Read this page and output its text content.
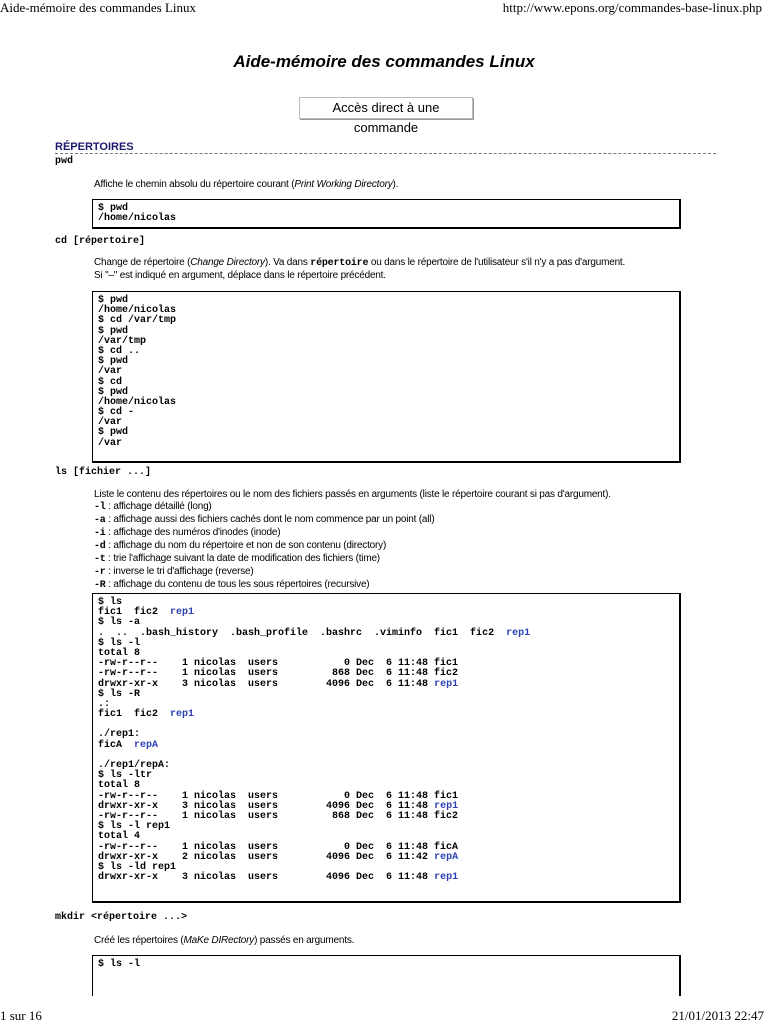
Aide-mémoire des commandes Linux	http://www.epons.org/commandes-base-linux.php
Aide-mémoire des commandes Linux
Accès direct à une commande
RÉPERTOIRES
pwd
Affiche le chemin absolu du répertoire courant (Print Working Directory).
$ pwd
/home/nicolas
cd [répertoire]
Change de répertoire (Change Directory). Va dans répertoire ou dans le répertoire de l'utilisateur s'il n'y a pas d'argument.
Si "–" est indiqué en argument, déplace dans le répertoire précédent.
$ pwd
/home/nicolas
$ cd /var/tmp
$ pwd
/var/tmp
$ cd ..
$ pwd
/var
$ cd
$ pwd
/home/nicolas
$ cd -
/var
$ pwd
/var
ls [fichier ...]
Liste le contenu des répertoires ou le nom des fichiers passés en arguments (liste le répertoire courant si pas d'argument).
-l : affichage détaillé (long)
-a : affichage aussi des fichiers cachés dont le nom commence par un point (all)
-i : affichage des numéros d'inodes (inode)
-d : affichage du nom du répertoire et non de son contenu (directory)
-t : trie l'affichage suivant la date de modification des fichiers (time)
-r : inverse le tri d'affichage (reverse)
-R : affichage du contenu de tous les sous répertoires (recursive)
$ ls
fic1  fic2  rep1
$ ls -a
.  ..  .bash_history  .bash_profile  .bashrc  .viminfo  fic1  fic2  rep1
$ ls -l
total 8
-rw-r--r--    1 nicolas  users           0 Dec  6 11:48 fic1
-rw-r--r--    1 nicolas  users         868 Dec  6 11:48 fic2
drwxr-xr-x    3 nicolas  users        4096 Dec  6 11:48 rep1
$ ls -R
.:
fic1  fic2  rep1
./rep1:
ficA  repA
./rep1/repA:
$ ls -ltr
total 8
-rw-r--r--    1 nicolas  users           0 Dec  6 11:48 fic1
drwxr-xr-x    3 nicolas  users        4096 Dec  6 11:48 rep1
-rw-r--r--    1 nicolas  users         868 Dec  6 11:48 fic2
$ ls -l rep1
total 4
-rw-r--r--    1 nicolas  users           0 Dec  6 11:48 ficA
drwxr-xr-x    2 nicolas  users        4096 Dec  6 11:42 repA
$ ls -ld rep1
drwxr-xr-x    3 nicolas  users        4096 Dec  6 11:48 rep1
mkdir <répertoire ...>
Créé les répertoires (MaKe DIRectory) passés en arguments.
$ ls -l
1 sur 16	21/01/2013 22:47
